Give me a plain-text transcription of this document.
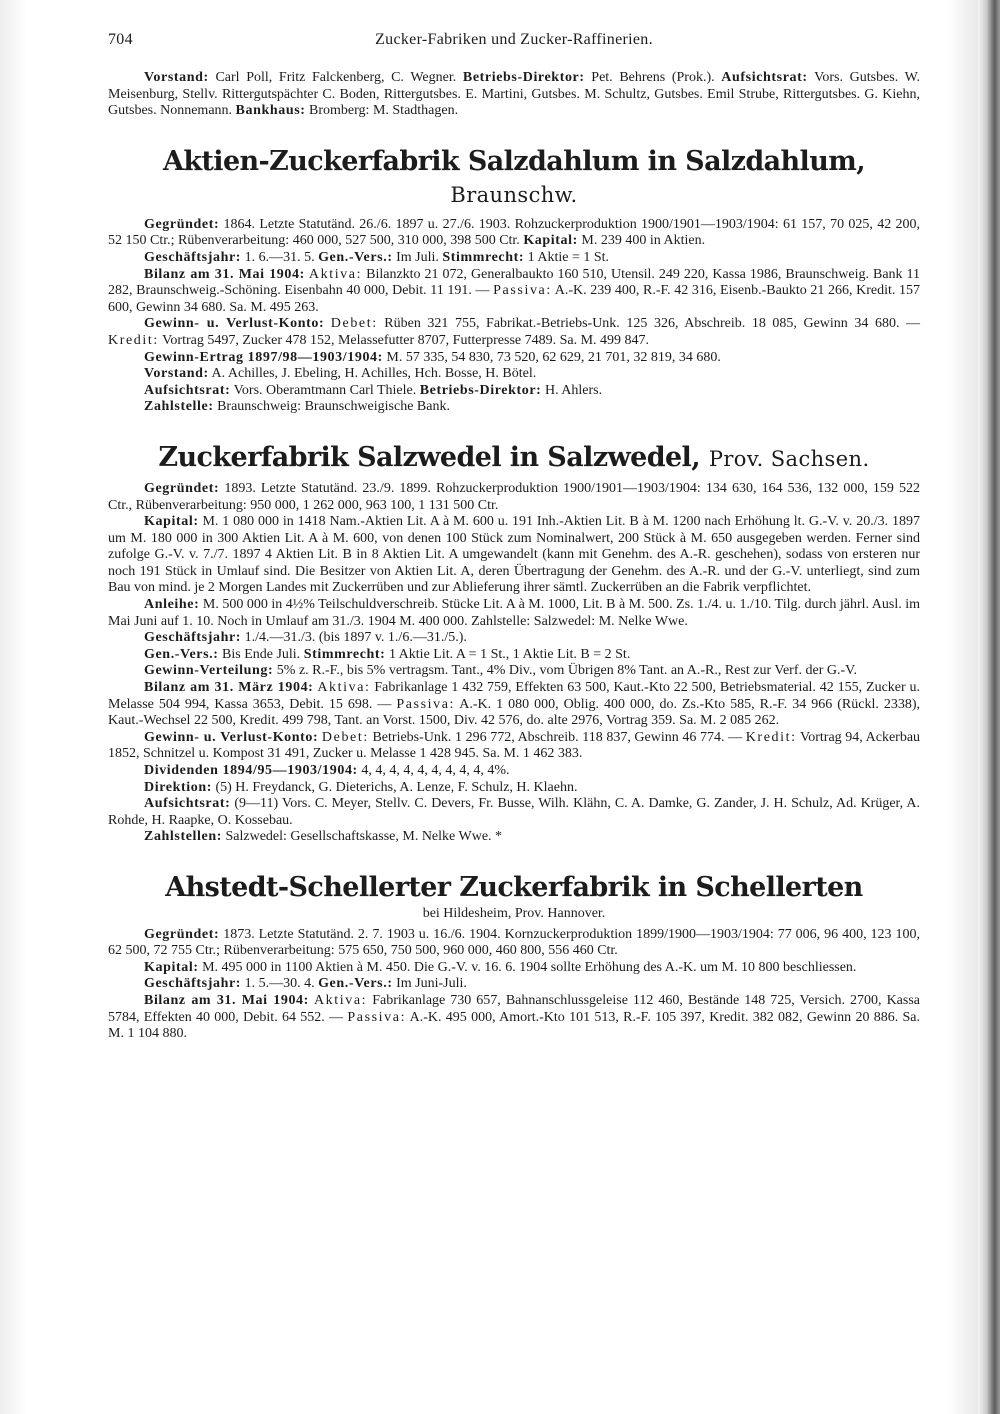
704	Zucker-Fabriken und Zucker-Raffinerien.

Vorstand: Carl Poll, Fritz Falckenberg, C. Wegner. Betriebs-Direktor: Pet. Behrens (Prok.). Aufsichtsrat: Vors. Gutsbes. W. Meisenburg, Stellv. Rittergutspächter C. Boden, Rittergutsbes. E. Martini, Gutsbes. M. Schultz, Gutsbes. Emil Strube, Rittergutsbes. G. Kiehn, Gutsbes. Nonnemann. Bankhaus: Bromberg: M. Stadthagen.

Aktien-Zuckerfabrik Salzdahlum in Salzdahlum, Braunschw.

Gegründet: 1864. Letzte Statutänd. 26./6. 1897 u. 27./6. 1903. Rohzuckerproduktion 1900/1901—1903/1904: 61 157, 70 025, 42 200, 52 150 Ctr.; Rübenverarbeitung: 460 000, 527 500, 310 000, 398 500 Ctr. Kapital: M. 239 400 in Aktien.

Geschäftsjahr: 1. 6.—31. 5. Gen.-Vers.: Im Juli. Stimmrecht: 1 Aktie = 1 St.

Bilanz am 31. Mai 1904: Aktiva: Bilanzkto 21 072, Generalbaukto 160 510, Utensil. 249 220, Kassa 1986, Braunschweig. Bank 11 282, Braunschweig.-Schöning. Eisenbahn 40 000, Debit. 11 191. — Passiva: A.-K. 239 400, R.-F. 42 316, Eisenb.-Baukto 21 266, Kredit. 157 600, Gewinn 34 680. Sa. M. 495 263.

Gewinn- u. Verlust-Konto: Debet: Rüben 321 755, Fabrikat.-Betriebs-Unk. 125 326, Abschreib. 18 085, Gewinn 34 680. — Kredit: Vortrag 5497, Zucker 478 152, Melassefutter 8707, Futterpresse 7489. Sa. M. 499 847.

Gewinn-Ertrag 1897/98—1903/1904: M. 57 335, 54 830, 73 520, 62 629, 21 701, 32 819, 34 680.

Vorstand: A. Achilles, J. Ebeling, H. Achilles, Hch. Bosse, H. Bötel.

Aufsichtsrat: Vors. Oberamtmann Carl Thiele. Betriebs-Direktor: H. Ahlers.

Zahlstelle: Braunschweig: Braunschweigische Bank.

Zuckerfabrik Salzwedel in Salzwedel, Prov. Sachsen.

Gegründet: 1893. Letzte Statutänd. 23./9. 1899. Rohzuckerproduktion 1900/1901—1903/1904: 134 630, 164 536, 132 000, 159 522 Ctr., Rübenverarbeitung: 950 000, 1 262 000, 963 100, 1 131 500 Ctr.

Kapital: M. 1 080 000 in 1418 Nam.-Aktien Lit. A à M. 600 u. 191 Inh.-Aktien Lit. B à M. 1200 nach Erhöhung lt. G.-V. v. 20./3. 1897 um M. 180 000 in 300 Aktien Lit. A à M. 600, von denen 100 Stück zum Nominalwert, 200 Stück à M. 650 ausgegeben werden. Ferner sind zufolge G.-V. v. 7./7. 1897 4 Aktien Lit. B in 8 Aktien Lit. A umgewandelt (kann mit Genehm. des A.-R. geschehen), sodass von ersteren nur noch 191 Stück in Umlauf sind. Die Besitzer von Aktien Lit. A, deren Übertragung der Genehm. des A.-R. und der G.-V. unterliegt, sind zum Bau von mind. je 2 Morgen Landes mit Zuckerrüben und zur Ablieferung ihrer sämtl. Zuckerrüben an die Fabrik verpflichtet.

Anleihe: M. 500 000 in 4½% Teilschuldverschreib. Stücke Lit. A à M. 1000, Lit. B à M. 500. Zs. 1./4. u. 1./10. Tilg. durch jährl. Ausl. im Mai Juni auf 1. 10. Noch in Umlauf am 31./3. 1904 M. 400 000. Zahlstelle: Salzwedel: M. Nelke Wwe.

Geschäftsjahr: 1./4.—31./3. (bis 1897 v. 1./6.—31./5.).

Gen.-Vers.: Bis Ende Juli. Stimmrecht: 1 Aktie Lit. A = 1 St., 1 Aktie Lit. B = 2 St.

Gewinn-Verteilung: 5% z. R.-F., bis 5% vertragsm. Tant., 4% Div., vom Übrigen 8% Tant. an A.-R., Rest zur Verf. der G.-V.

Bilanz am 31. März 1904: Aktiva: Fabrikanlage 1 432 759, Effekten 63 500, Kaut.-Kto 22 500, Betriebsmaterial. 42 155, Zucker u. Melasse 504 994, Kassa 3653, Debit. 15 698. — Passiva: A.-K. 1 080 000, Oblig. 400 000, do. Zs.-Kto 585, R.-F. 34 966 (Rückl. 2338), Kaut.-Wechsel 22 500, Kredit. 499 798, Tant. an Vorst. 1500, Div. 42 576, do. alte 2976, Vortrag 359. Sa. M. 2 085 262.

Gewinn- u. Verlust-Konto: Debet: Betriebs-Unk. 1 296 772, Abschreib. 118 837, Gewinn 46 774. — Kredit: Vortrag 94, Ackerbau 1852, Schnitzel u. Kompost 31 491, Zucker u. Melasse 1 428 945. Sa. M. 1 462 383.

Dividenden 1894/95—1903/1904: 4, 4, 4, 4, 4, 4, 4, 4, 4, 4%.

Direktion: (5) H. Freydanck, G. Dieterichs, A. Lenze, F. Schulz, H. Klaehn.

Aufsichtsrat: (9—11) Vors. C. Meyer, Stellv. C. Devers, Fr. Busse, Wilh. Klähn, C. A. Damke, G. Zander, J. H. Schulz, Ad. Krüger, A. Rohde, H. Raapke, O. Kossebau.

Zahlstellen: Salzwedel: Gesellschaftskasse, M. Nelke Wwe. *

Ahstedt-Schellerter Zuckerfabrik in Schellerten
bei Hildesheim, Prov. Hannover.

Gegründet: 1873. Letzte Statutänd. 2. 7. 1903 u. 16./6. 1904. Kornzuckerproduktion 1899/1900—1903/1904: 77 006, 96 400, 123 100, 62 500, 72 755 Ctr.; Rübenverarbeitung: 575 650, 750 500, 960 000, 460 800, 556 460 Ctr.

Kapital: M. 495 000 in 1100 Aktien à M. 450. Die G.-V. v. 16. 6. 1904 sollte Erhöhung des A.-K. um M. 10 800 beschliessen.

Geschäftsjahr: 1. 5.—30. 4. Gen.-Vers.: Im Juni-Juli.

Bilanz am 31. Mai 1904: Aktiva: Fabrikanlage 730 657, Bahnanschlussgeleise 112 460, Bestände 148 725, Versich. 2700, Kassa 5784, Effekten 40 000, Debit. 64 552. — Passiva: A.-K. 495 000, Amort.-Kto 101 513, R.-F. 105 397, Kredit. 382 082, Gewinn 20 886. Sa. M. 1 104 880.
